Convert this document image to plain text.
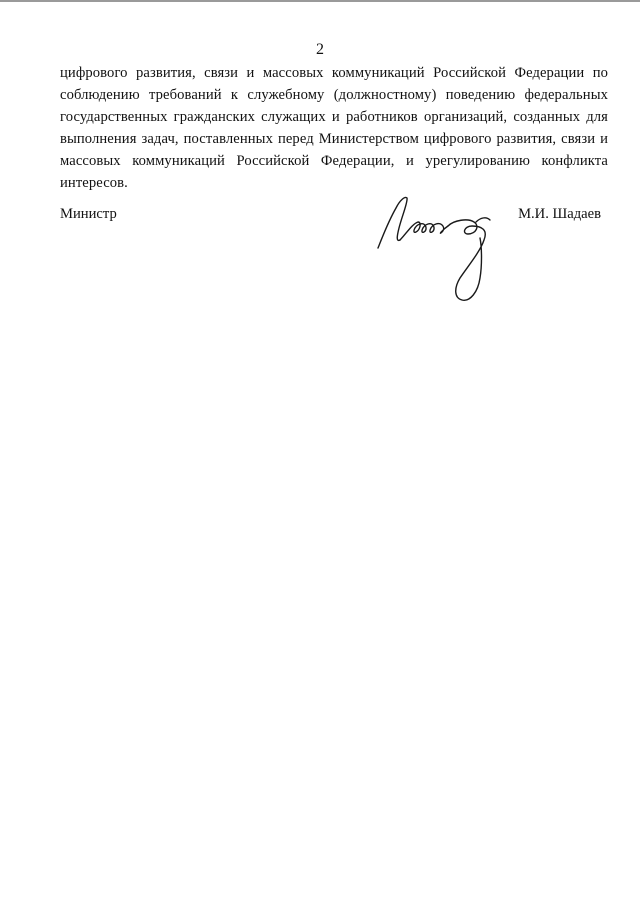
2

цифрового развития, связи и массовых коммуникаций Российской Федерации по соблюдению требований к служебному (должностному) поведению федеральных государственных гражданских служащих и работников организаций, созданных для выполнения задач, поставленных перед Министерством цифрового развития, связи и массовых коммуникаций Российской Федерации, и урегулированию конфликта интересов.

Министр	М.И. Шадаев
